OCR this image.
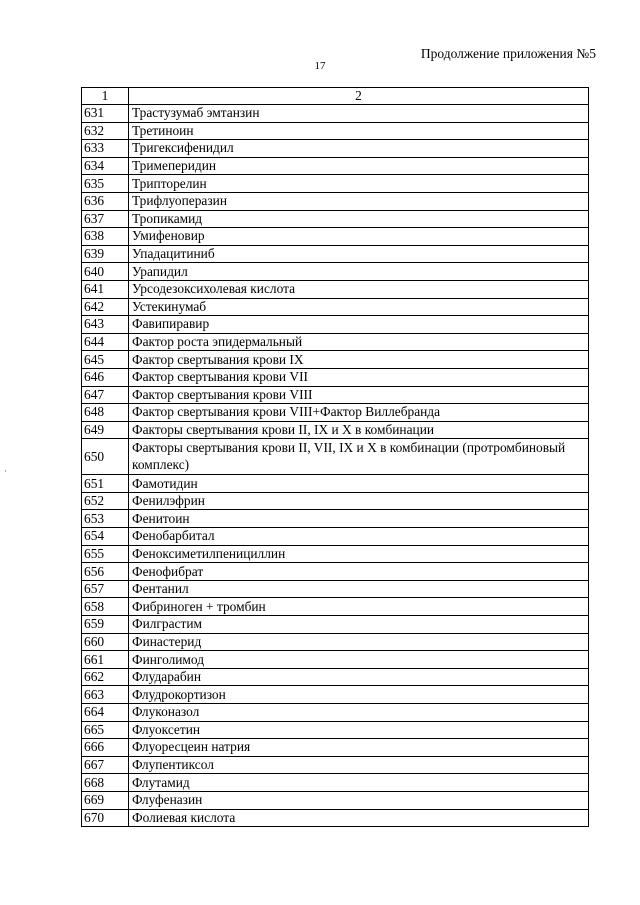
Продолжение приложения №5
17
·
1	2
631	Трастузумаб эмтанзин
632	Третиноин
633	Тригексифенидил
634	Тримеперидин
635	Трипторелин
636	Трифлуоперазин
637	Тропикамид
638	Умифеновир
639	Упадацитиниб
640	Урапидил
641	Урсодезоксихолевая кислота
642	Устекинумаб
643	Фавипиравир
644	Фактор роста эпидермальный
645	Фактор свертывания крови IX
646	Фактор свертывания крови VII
647	Фактор свертывания крови VIII
648	Фактор свертывания крови VIII+Фактор Виллебранда
649	Факторы свертывания крови II, IX и X в комбинации
650	Факторы свертывания крови II, VII, IX и X в комбинации (протромбиновый комплекс)
651	Фамотидин
652	Фенилэфрин
653	Фенитоин
654	Фенобарбитал
655	Феноксиметилпенициллин
656	Фенофибрат
657	Фентанил
658	Фибриноген + тромбин
659	Филграстим
660	Финастерид
661	Финголимод
662	Флударабин
663	Флудрокортизон
664	Флуконазол
665	Флуоксетин
666	Флуоресцеин натрия
667	Флупентиксол
668	Флутамид
669	Флуфеназин
670	Фолиевая кислота
